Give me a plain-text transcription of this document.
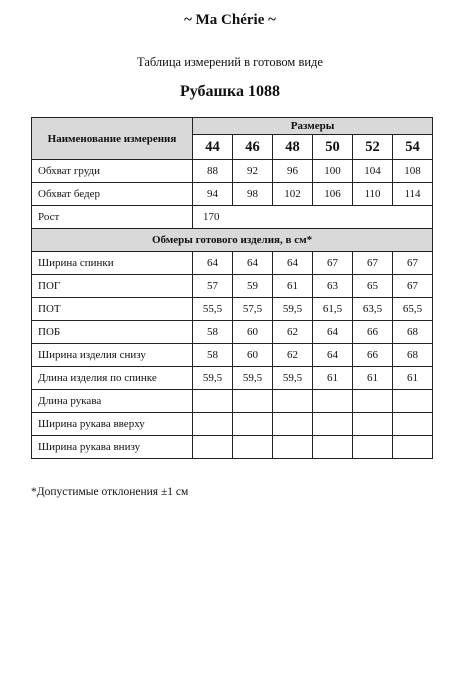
~ Ma Chérie ~
Таблица измерений в готовом виде
Рубашка 1088
Наименование измерения	Размеры					
	44	46	48	50	52	54
Обхват груди	88	92	96	100	104	108
Обхват бедер	94	98	102	106	110	114
Рост	170					
Обмеры готового изделия, в см*						
Ширина спинки	64	64	64	67	67	67
ПОГ	57	59	61	63	65	67
ПОТ	55,5	57,5	59,5	61,5	63,5	65,5
ПОБ	58	60	62	64	66	68
Ширина изделия снизу	58	60	62	64	66	68
Длина изделия по спинке	59,5	59,5	59,5	61	61	61
Длина рукава						
Ширина рукава вверху						
Ширина рукава внизу						
*Допустимые отклонения ±1 см
